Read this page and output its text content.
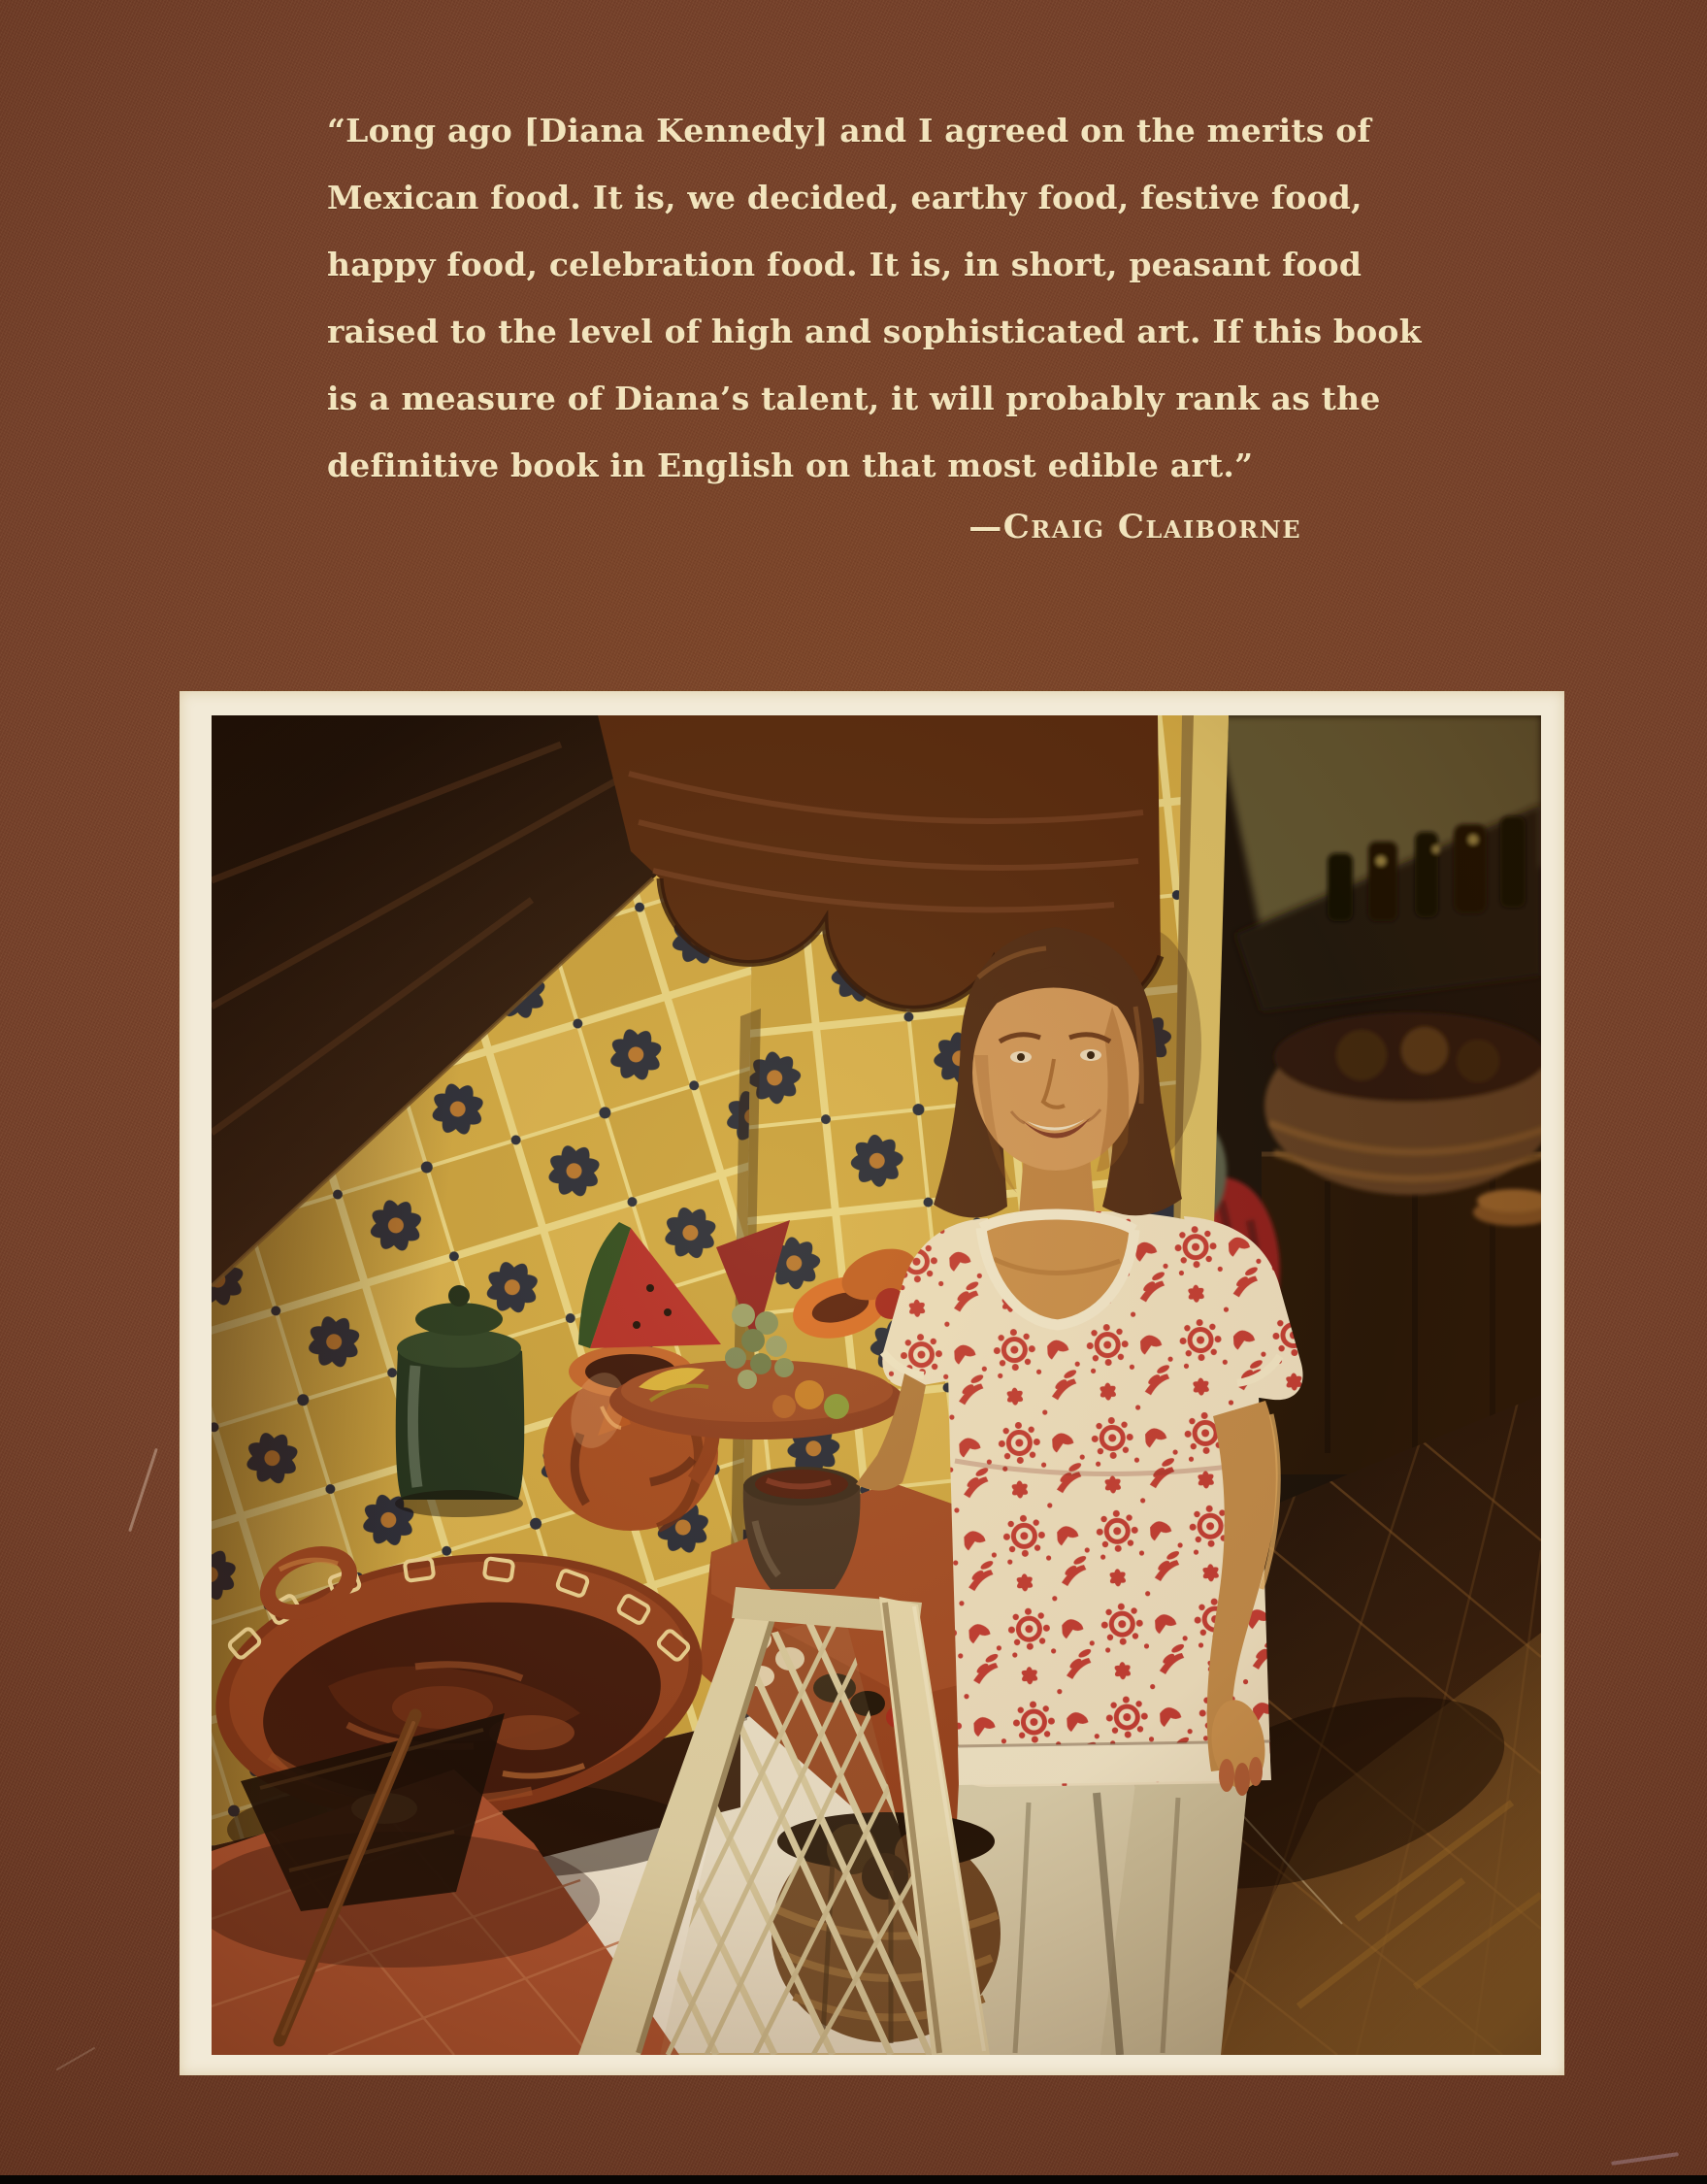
“Long ago [Diana Kennedy] and I agreed on the merits of
Mexican food. It is, we decided, earthy food, festive food,
happy food, celebration food. It is, in short, peasant food
raised to the level of high and sophisticated art. If this book
is a measure of Diana’s talent, it will probably rank as the
definitive book in English on that most edible art.”
—Craig Claiborne
